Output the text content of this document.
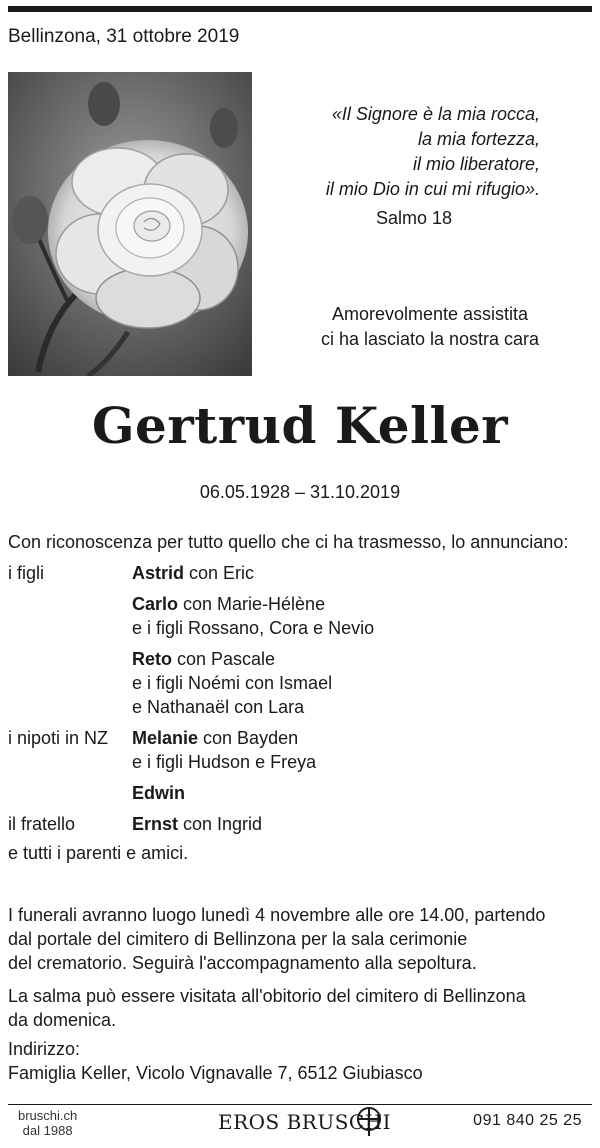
Bellinzona, 31 ottobre 2019
«Il Signore è la mia rocca,
la mia fortezza,
il mio liberatore,
il mio Dio in cui mi rifugio».
Salmo 18
Amorevolmente assistita
ci ha lasciato la nostra cara
Gertrud Keller
06.05.1928 – 31.10.2019
Con riconoscenza per tutto quello che ci ha trasmesso, lo annunciano:
i figli	Astrid con Eric
Carlo con Marie-Hélène
e i figli Rossano, Cora e Nevio
Reto con Pascale
e i figli Noémi con Ismael
e Nathanaël con Lara
i nipoti in NZ Melanie con Bayden
e i figli Hudson e Freya
Edwin
il fratello	Ernst con Ingrid
e tutti i parenti e amici.
I funerali avranno luogo lunedì 4 novembre alle ore 14.00, partendo
dal portale del cimitero di Bellinzona per la sala cerimonie
del crematorio. Seguirà l'accompagnamento alla sepoltura.
La salma può essere visitata all'obitorio del cimitero di Bellinzona
da domenica.
Indirizzo:
Famiglia Keller, Vicolo Vignavalle 7, 6512 Giubiasco
bruschi.ch
dal 1988	EROS BRUSCHI	091 840 25 25
